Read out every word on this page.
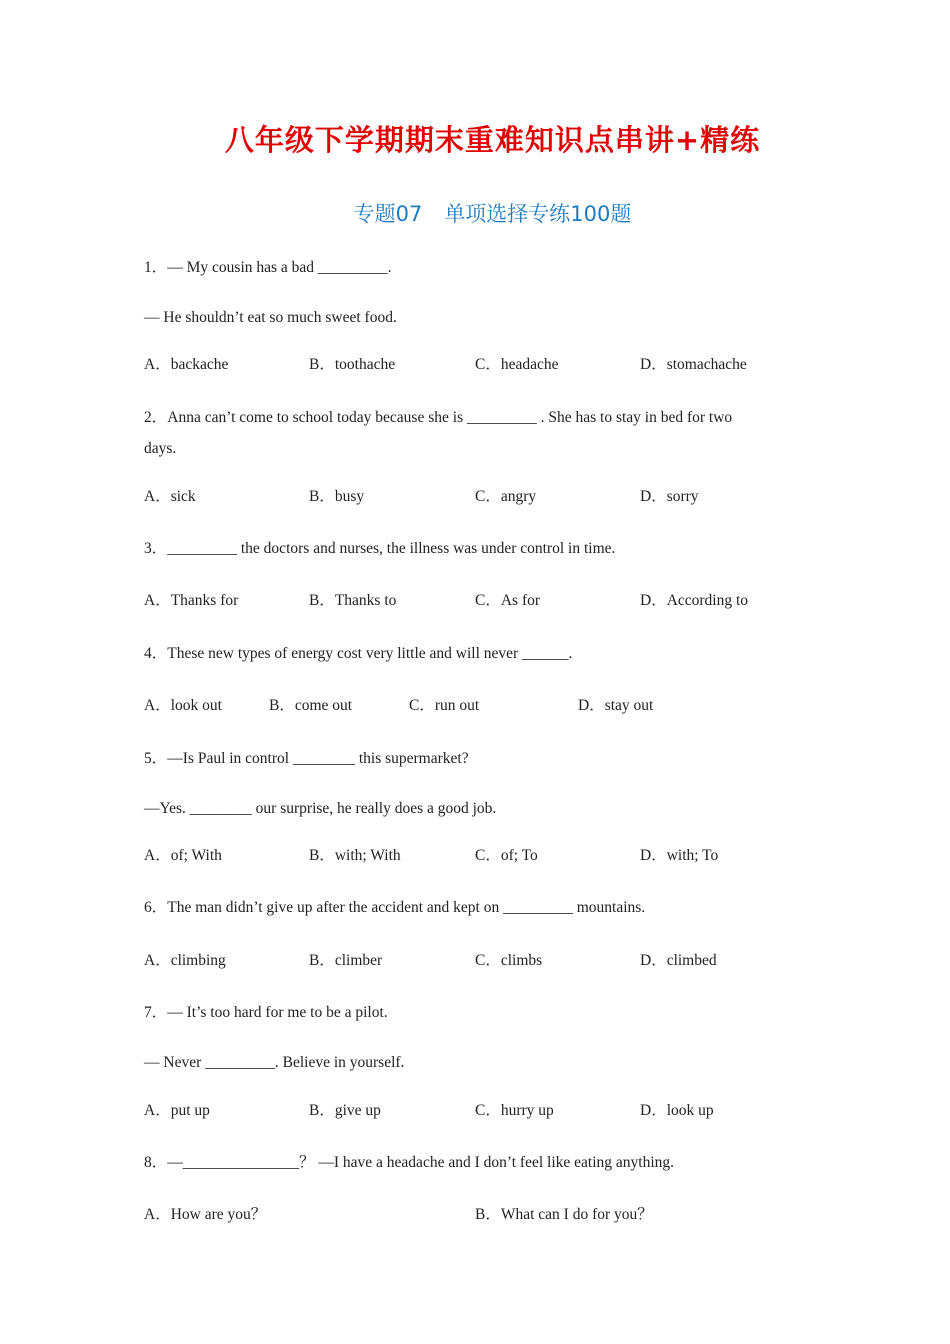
八年级下学期期末重难知识点串讲+精练
专题07 单项选择专练100题
1．— My cousin has a bad _________.
— He shouldn’t eat so much sweet food.
A．backache	B．toothache	C．headache	D．stomachache
2．Anna can’t come to school today because she is _________ . She has to stay in bed for two
days.
A．sick	B．busy	C．angry	D．sorry
3．_________ the doctors and nurses, the illness was under control in time.
A．Thanks for	B．Thanks to	C．As for	D．According to
4．These new types of energy cost very little and will never ______.
A．look out	B．come out	C．run out	D．stay out
5．—Is Paul in control ________ this supermarket?
—Yes. ________ our surprise, he really does a good job.
A．of; With	B．with; With	C．of; To	D．with; To
6．The man didn’t give up after the accident and kept on _________ mountains.
A．climbing	B．climber	C．climbs	D．climbed
7．— It’s too hard for me to be a pilot.
— Never _________. Believe in yourself.
A．put up	B．give up	C．hurry up	D．look up
8．—_______________？ —I have a headache and I don’t feel like eating anything.
A．How are you？	B．What can I do for you？
